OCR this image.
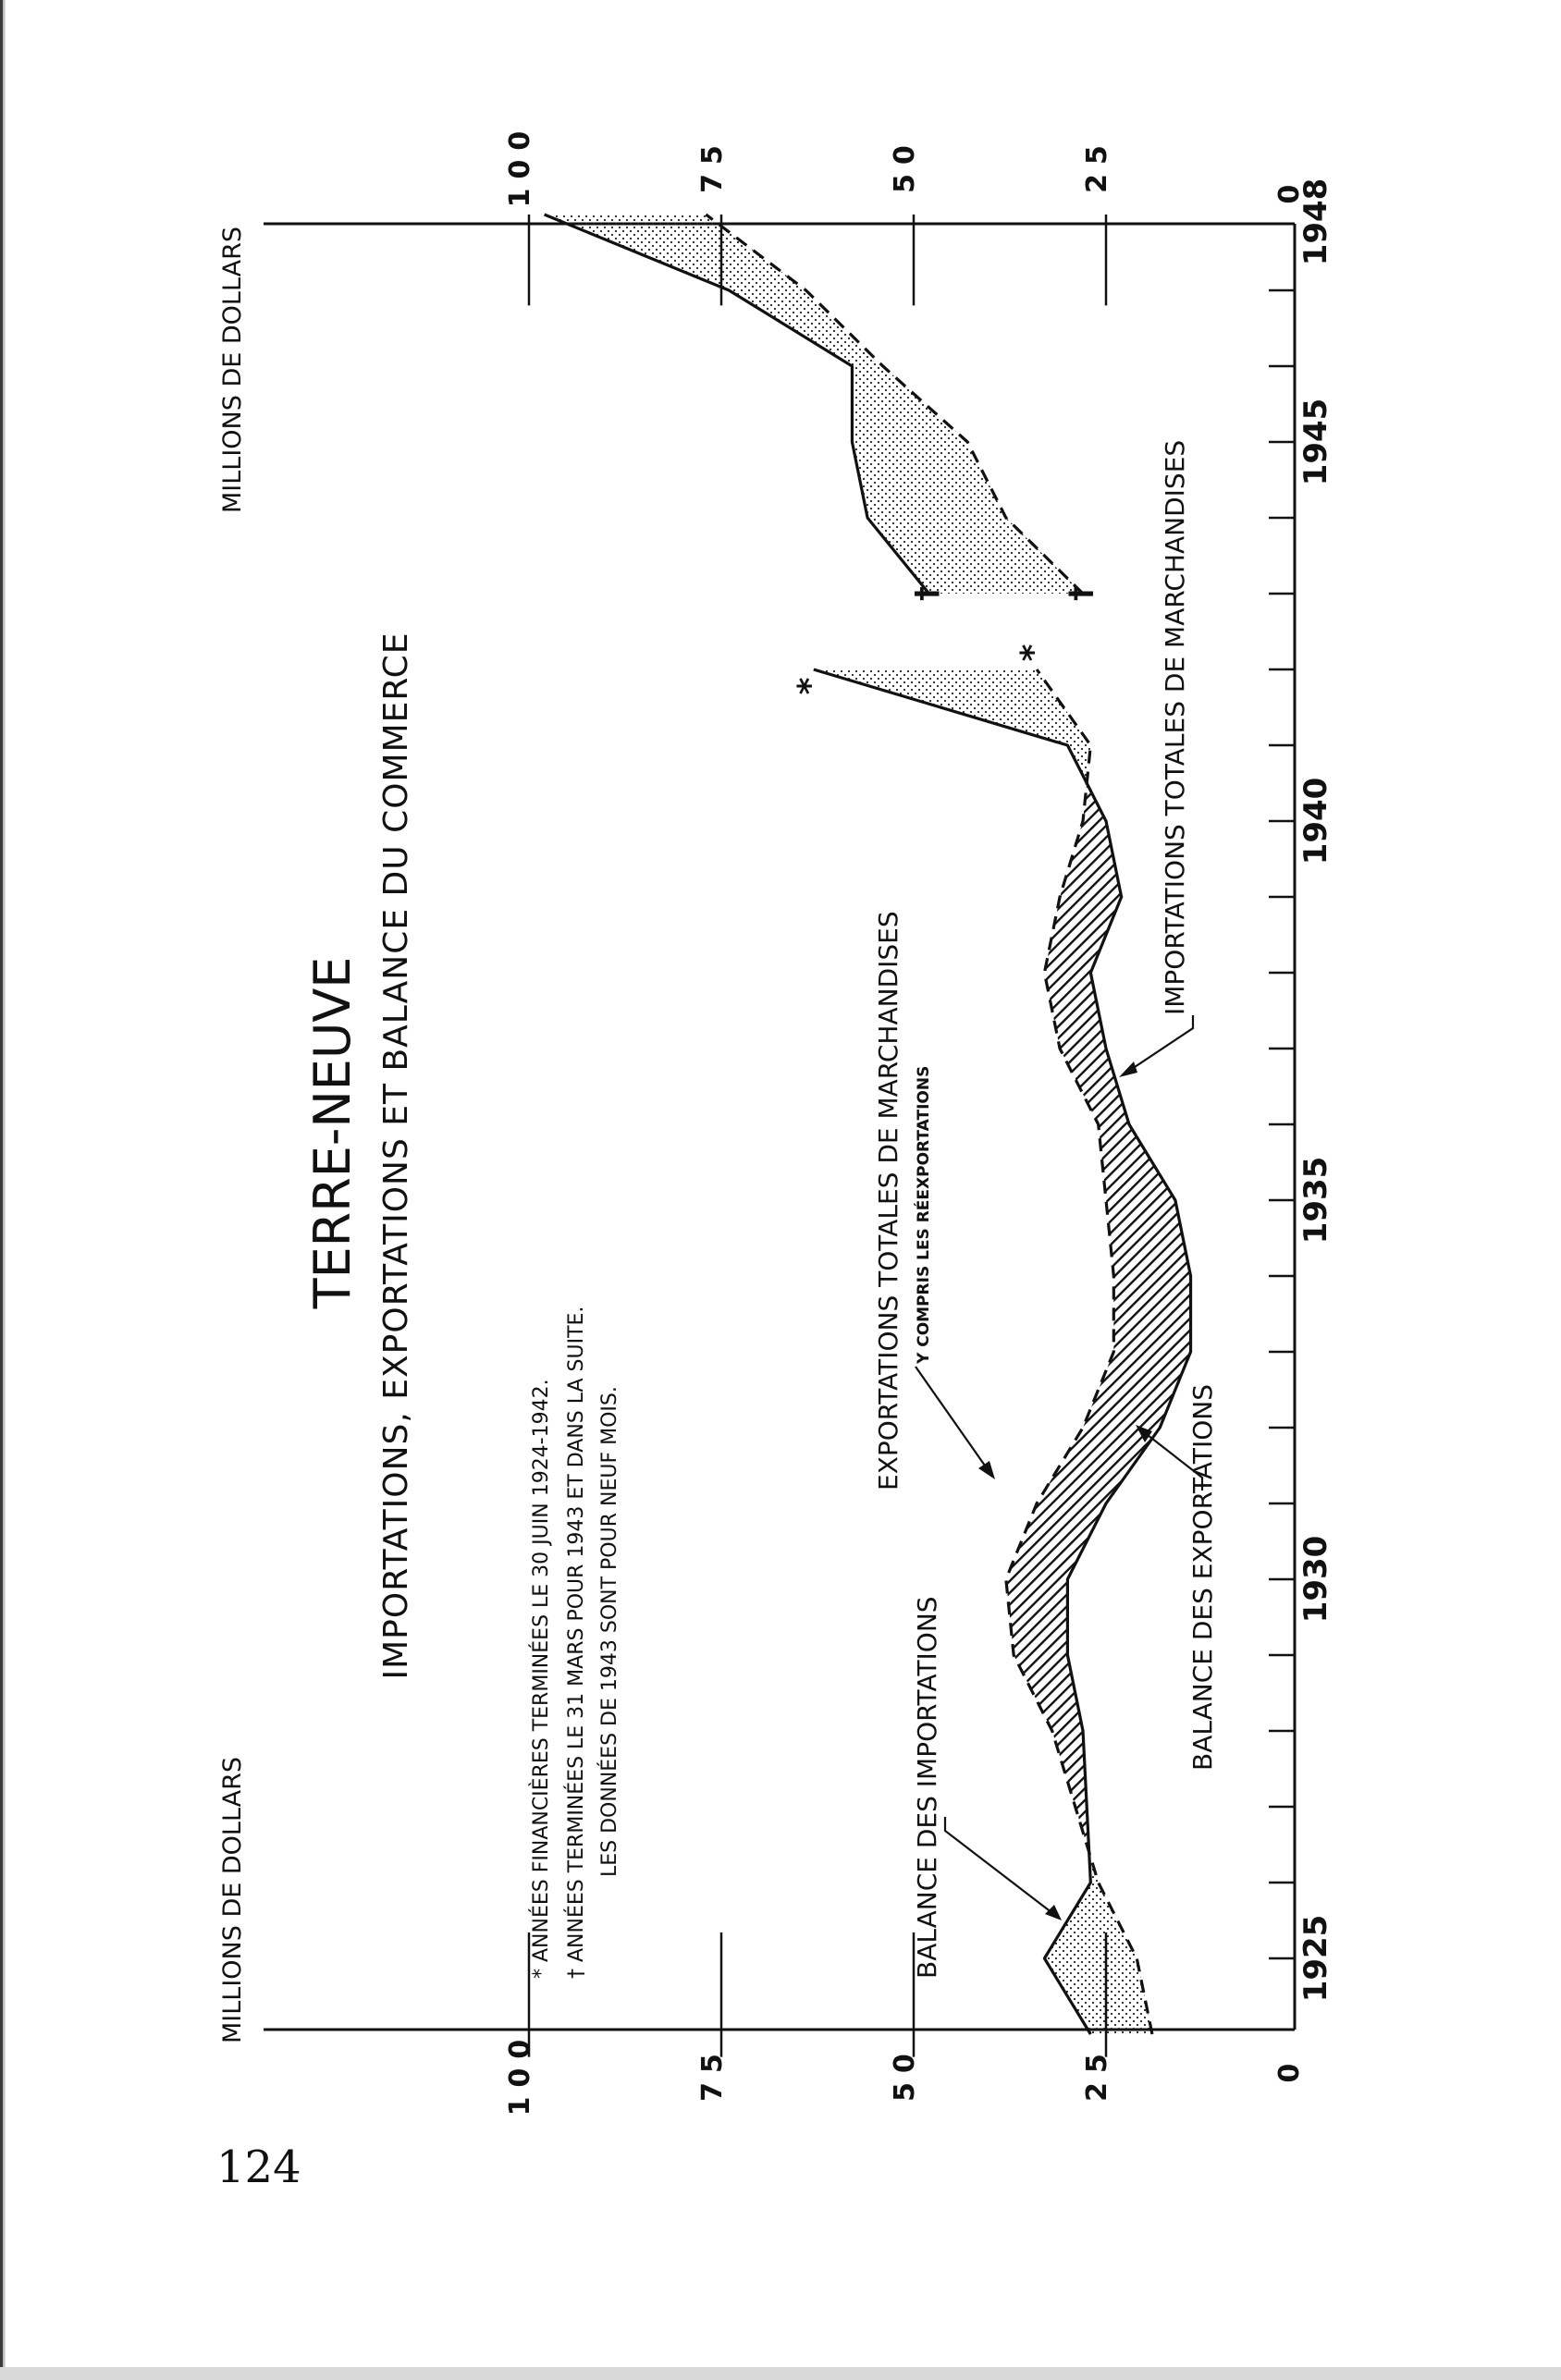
124
*
*
†	†
100	75	50	25	0
MILLIONS DE DOLLARS
100	75	50	25
0
MILLIONS DE DOLLARS
1925
1930
1935
1940
1945
1948
TERRE-NEUVE IMPORTATIONS, EXPORTATIONS ET BALANCE DU COMMERCE	* ANNÉES FINANCIÈRES TERMINÉES LE 30 JUIN 1924-1942. † ANNÉES TERMINÉES LE 31 MARS POUR 1943 ET DANS LA SUITE. LES DONNÉES DE 1943 SONT POUR NEUF MOIS.
EXPORTATIONS TOTALES DE MARCHANDISES Y COMPRIS LES RÉEXPORTATIONS
IMPORTATIONS TOTALES DE MARCHANDISES
BALANCE DES IMPORTATIONS
BALANCE DES EXPORTATIONS
